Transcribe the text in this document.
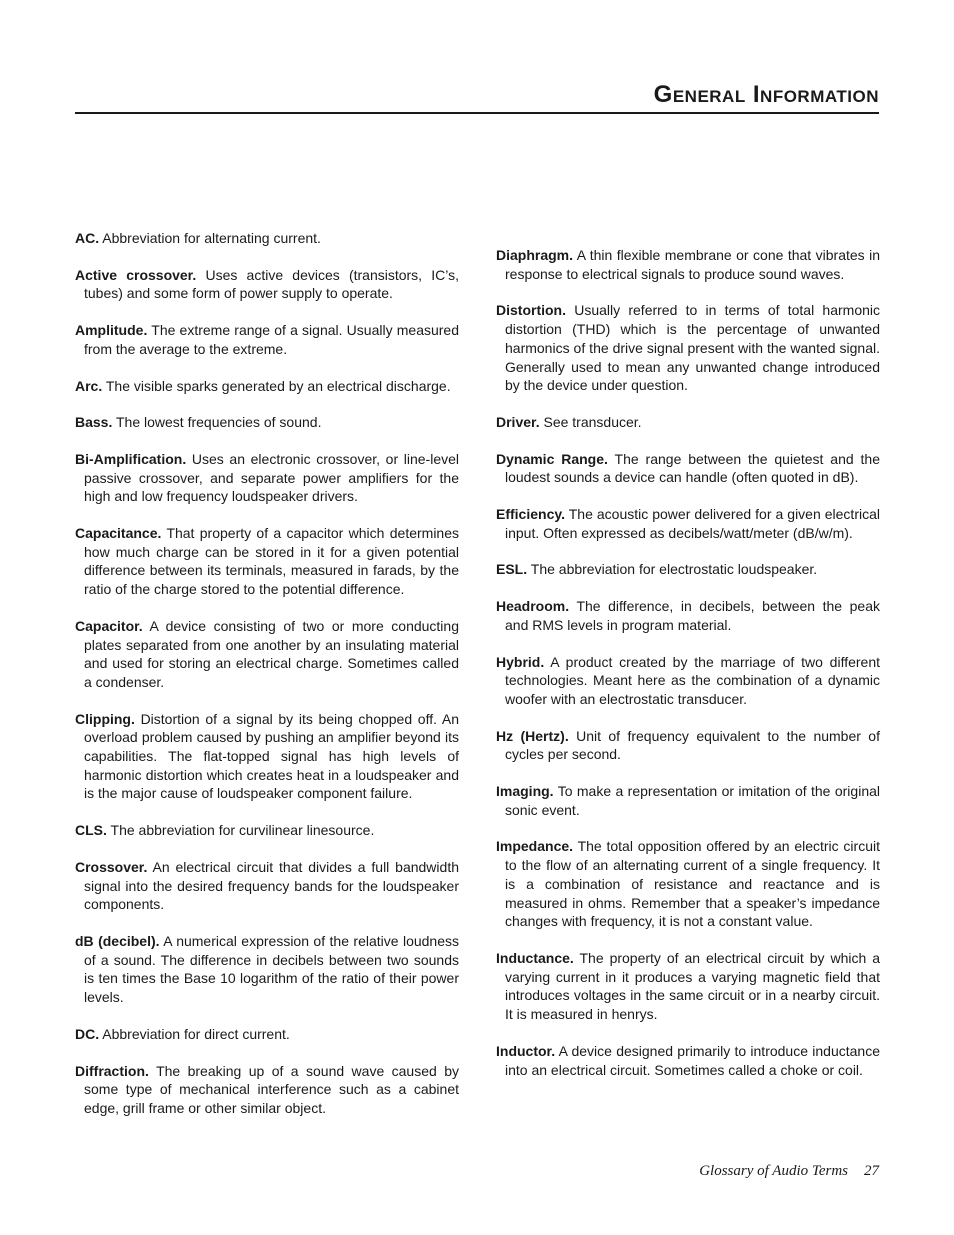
General Information

AC. Abbreviation for alternating current.

Active crossover. Uses active devices (transistors, IC’s, tubes) and some form of power supply to operate.

Amplitude. The extreme range of a signal. Usually measured from the average to the extreme.

Arc. The visible sparks generated by an electrical discharge.

Bass. The lowest frequencies of sound.

Bi-Amplification. Uses an electronic crossover, or line-level passive crossover, and separate power amplifiers for the high and low frequency loudspeaker drivers.

Capacitance. That property of a capacitor which determines how much charge can be stored in it for a given potential difference between its terminals, measured in farads, by the ratio of the charge stored to the potential difference.

Capacitor. A device consisting of two or more conducting plates separated from one another by an insulating material and used for storing an electrical charge. Sometimes called a condenser.

Clipping. Distortion of a signal by its being chopped off. An overload problem caused by pushing an amplifier beyond its capabilities. The flat-topped signal has high levels of harmonic distortion which creates heat in a loudspeaker and is the major cause of loudspeaker component failure.

CLS. The abbreviation for curvilinear linesource.

Crossover. An electrical circuit that divides a full bandwidth signal into the desired frequency bands for the loudspeaker components.

dB (decibel). A numerical expression of the relative loudness of a sound. The difference in decibels between two sounds is ten times the Base 10 logarithm of the ratio of their power levels.

DC. Abbreviation for direct current.

Diffraction. The breaking up of a sound wave caused by some type of mechanical interference such as a cabinet edge, grill frame or other similar object.

Diaphragm. A thin flexible membrane or cone that vibrates in response to electrical signals to produce sound waves.

Distortion. Usually referred to in terms of total harmonic distortion (THD) which is the percentage of unwanted harmonics of the drive signal present with the wanted signal. Generally used to mean any unwanted change introduced by the device under question.

Driver. See transducer.

Dynamic Range. The range between the quietest and the loudest sounds a device can handle (often quoted in dB).

Efficiency. The acoustic power delivered for a given electrical input. Often expressed as decibels/watt/meter (dB/w/m).

ESL. The abbreviation for electrostatic loudspeaker.

Headroom. The difference, in decibels, between the peak and RMS levels in program material.

Hybrid. A product created by the marriage of two different technologies. Meant here as the combination of a dynamic woofer with an electrostatic transducer.

Hz (Hertz). Unit of frequency equivalent to the number of cycles per second.

Imaging. To make a representation or imitation of the original sonic event.

Impedance. The total opposition offered by an electric circuit to the flow of an alternating current of a single frequency. It is a combination of resistance and reactance and is measured in ohms. Remember that a speaker’s impedance changes with frequency, it is not a constant value.

Inductance. The property of an electrical circuit by which a varying current in it produces a varying magnetic field that introduces voltages in the same circuit or in a nearby circuit. It is measured in henrys.

Inductor. A device designed primarily to introduce inductance into an electrical circuit. Sometimes called a choke or coil.

Glossary of Audio Terms 27
